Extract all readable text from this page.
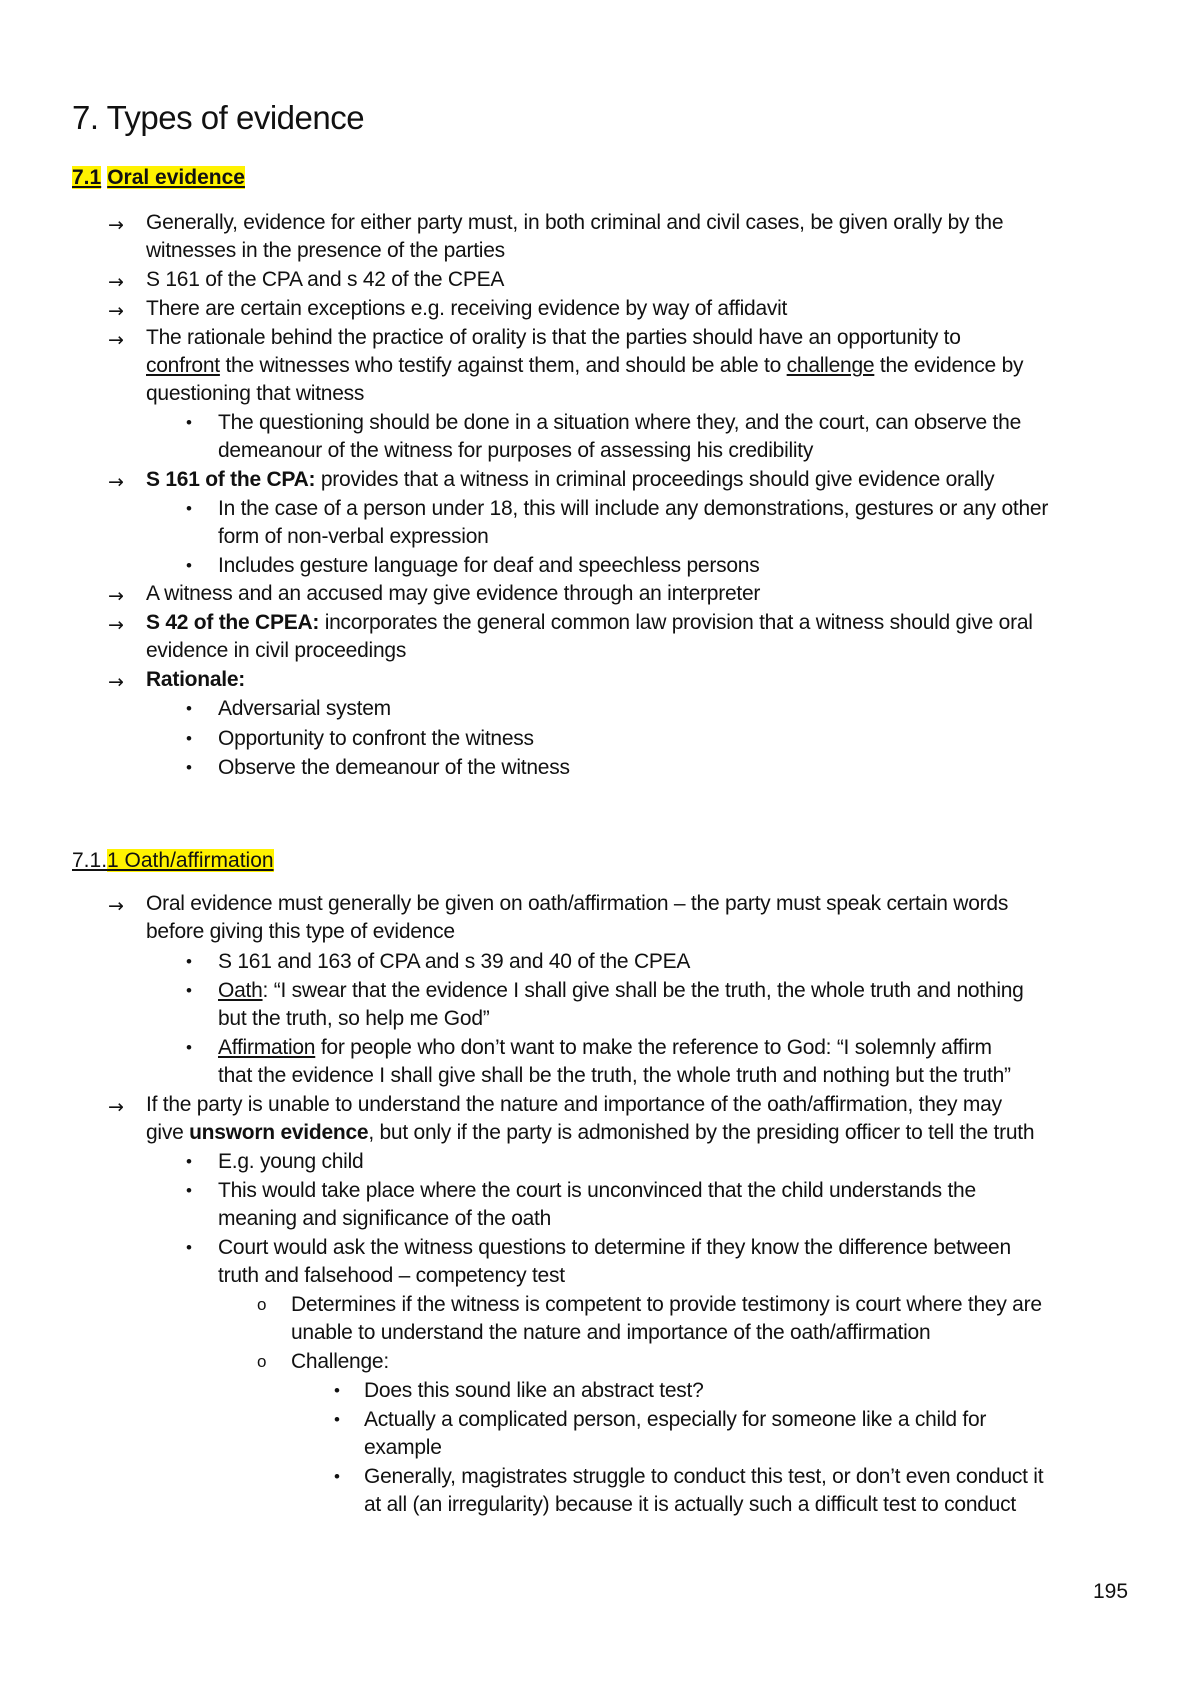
7. Types of evidence
7.1 Oral evidence
→ Generally, evidence for either party must, in both criminal and civil cases, be given orally by the
witnesses in the presence of the parties
→ S 161 of the CPA and s 42 of the CPEA
→ There are certain exceptions e.g. receiving evidence by way of affidavit
→ The rationale behind the practice of orality is that the parties should have an opportunity to
confront the witnesses who testify against them, and should be able to challenge the evidence by
questioning that witness
• The questioning should be done in a situation where they, and the court, can observe the
demeanour of the witness for purposes of assessing his credibility
→ S 161 of the CPA: provides that a witness in criminal proceedings should give evidence orally
• In the case of a person under 18, this will include any demonstrations, gestures or any other
form of non-verbal expression
• Includes gesture language for deaf and speechless persons
→ A witness and an accused may give evidence through an interpreter
→ S 42 of the CPEA: incorporates the general common law provision that a witness should give oral
evidence in civil proceedings
→ Rationale:
• Adversarial system
• Opportunity to confront the witness
• Observe the demeanour of the witness
7.1.1 Oath/affirmation
→ Oral evidence must generally be given on oath/affirmation – the party must speak certain words
before giving this type of evidence
• S 161 and 163 of CPA and s 39 and 40 of the CPEA
• Oath: “I swear that the evidence I shall give shall be the truth, the whole truth and nothing
but the truth, so help me God”
• Affirmation for people who don’t want to make the reference to God: “I solemnly affirm
that the evidence I shall give shall be the truth, the whole truth and nothing but the truth”
→ If the party is unable to understand the nature and importance of the oath/affirmation, they may
give unsworn evidence, but only if the party is admonished by the presiding officer to tell the truth
• E.g. young child
• This would take place where the court is unconvinced that the child understands the
meaning and significance of the oath
• Court would ask the witness questions to determine if they know the difference between
truth and falsehood – competency test
o Determines if the witness is competent to provide testimony is court where they are
unable to understand the nature and importance of the oath/affirmation
o Challenge:
• Does this sound like an abstract test?
• Actually a complicated person, especially for someone like a child for
example
• Generally, magistrates struggle to conduct this test, or don’t even conduct it
at all (an irregularity) because it is actually such a difficult test to conduct
195
